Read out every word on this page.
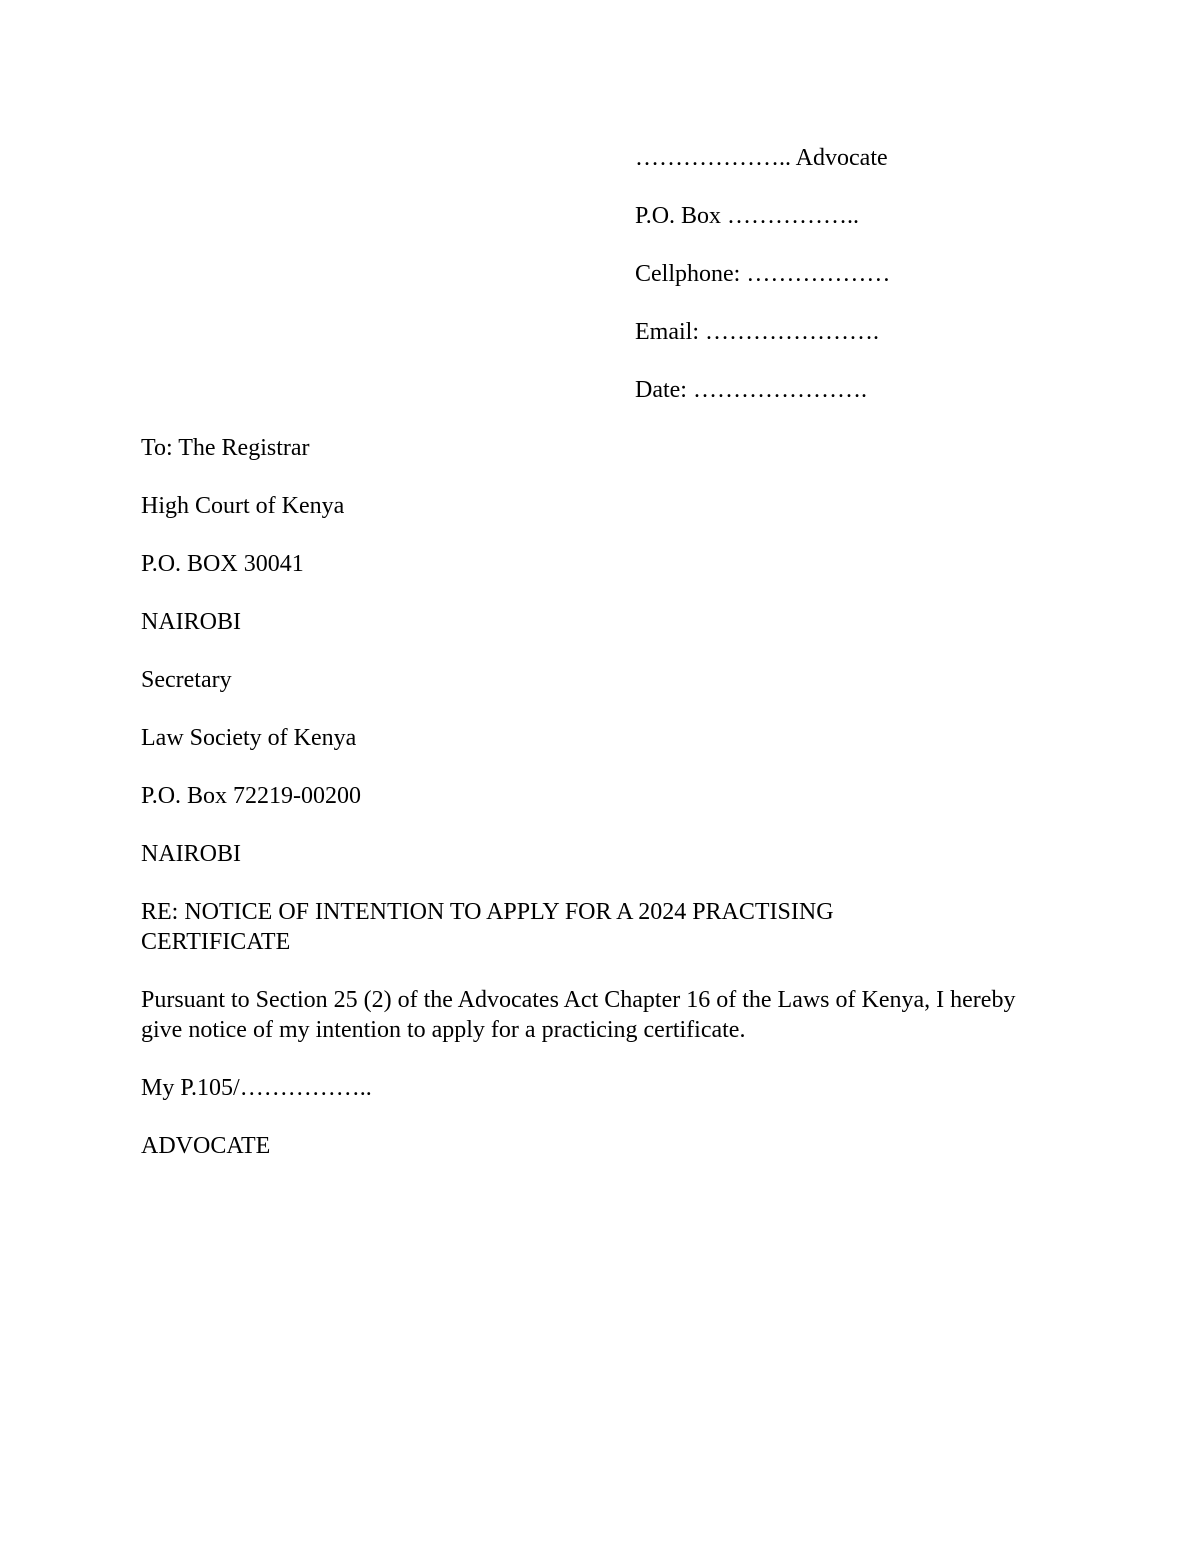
……………….. Advocate
P.O. Box ……………..
Cellphone: ………………
Email: ………………….
Date: ………………….
To: The Registrar
High Court of Kenya
P.O. BOX 30041
NAIROBI
Secretary
Law Society of Kenya
P.O. Box 72219-00200
NAIROBI
RE: NOTICE OF INTENTION TO APPLY FOR A 2024 PRACTISING CERTIFICATE
Pursuant to Section 25 (2) of the Advocates Act Chapter 16 of the Laws of Kenya, I hereby give notice of my intention to apply for a practicing certificate.
My P.105/……………..
ADVOCATE
